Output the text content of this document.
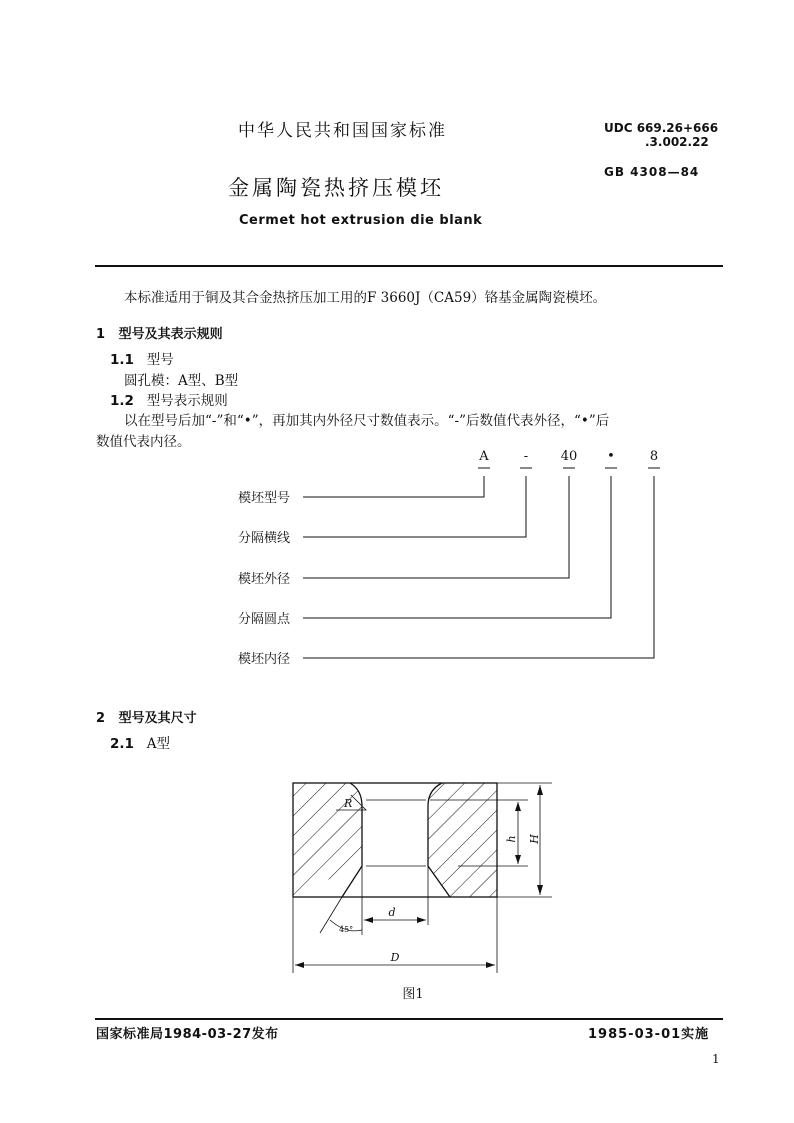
中华人民共和国国家标准	UDC 669.26+666
.3.002.22
GB 4308—84
金属陶瓷热挤压模坯
Cermet hot extrusion die blank
本标准适用于铜及其合金热挤压加工用的F 3660J（CA59）铬基金属陶瓷模坯。
1 型号及其表示规则
1.1 型号
圆孔模：A型、B型
1.2 型号表示规则
以在型号后加“-”和“•”，再加其内外径尺寸数值表示。“-”后数值代表外径，“•”后
数值代表内径。
A	-	40 •	8
模坯型号
分隔横线
模坯外径
分隔圆点
模坯内径
2 型号及其尺寸
2.1 A型
R
h H
d
D
45°
图1
国家标准局1984-03-27发布	1985-03-01实施
1
